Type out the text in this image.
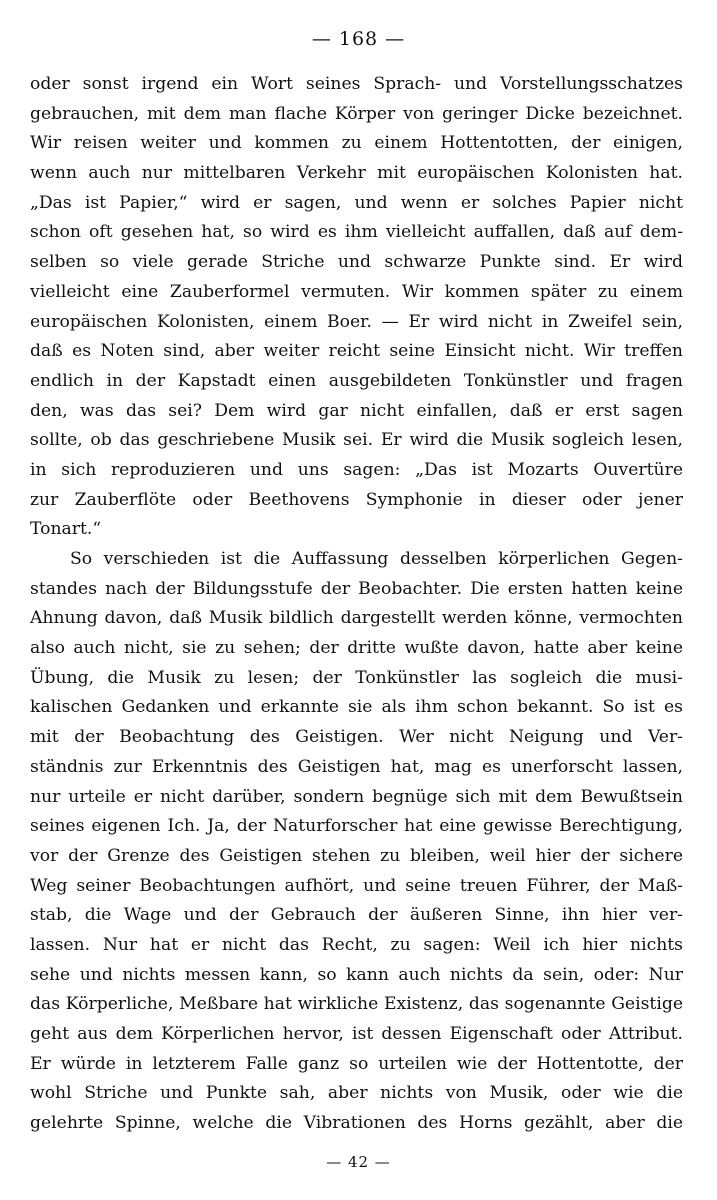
— 168 —
oder sonst irgend ein Wort seines Sprach- und Vorstellungsschatzes
gebrauchen, mit dem man flache Körper von geringer Dicke bezeichnet.
Wir reisen weiter und kommen zu einem Hottentotten, der einigen,
wenn auch nur mittelbaren Verkehr mit europäischen Kolonisten hat.
„Das ist Papier,“ wird er sagen, und wenn er solches Papier nicht
schon oft gesehen hat, so wird es ihm vielleicht auffallen, daß auf dem-
selben so viele gerade Striche und schwarze Punkte sind. Er wird
vielleicht eine Zauberformel vermuten. Wir kommen später zu einem
europäischen Kolonisten, einem Boer. — Er wird nicht in Zweifel sein,
daß es Noten sind, aber weiter reicht seine Einsicht nicht. Wir treffen
endlich in der Kapstadt einen ausgebildeten Tonkünstler und fragen
den, was das sei? Dem wird gar nicht einfallen, daß er erst sagen
sollte, ob das geschriebene Musik sei. Er wird die Musik sogleich lesen,
in sich reproduzieren und uns sagen: „Das ist Mozarts Ouvertüre
zur Zauberflöte oder Beethovens Symphonie in dieser oder jener
Tonart.“
So verschieden ist die Auffassung desselben körperlichen Gegen-
standes nach der Bildungsstufe der Beobachter. Die ersten hatten keine
Ahnung davon, daß Musik bildlich dargestellt werden könne, vermochten
also auch nicht, sie zu sehen; der dritte wußte davon, hatte aber keine
Übung, die Musik zu lesen; der Tonkünstler las sogleich die musi-
kalischen Gedanken und erkannte sie als ihm schon bekannt. So ist es
mit der Beobachtung des Geistigen. Wer nicht Neigung und Ver-
ständnis zur Erkenntnis des Geistigen hat, mag es unerforscht lassen,
nur urteile er nicht darüber, sondern begnüge sich mit dem Bewußtsein
seines eigenen Ich. Ja, der Naturforscher hat eine gewisse Berechtigung,
vor der Grenze des Geistigen stehen zu bleiben, weil hier der sichere
Weg seiner Beobachtungen aufhört, und seine treuen Führer, der Maß-
stab, die Wage und der Gebrauch der äußeren Sinne, ihn hier ver-
lassen. Nur hat er nicht das Recht, zu sagen: Weil ich hier nichts
sehe und nichts messen kann, so kann auch nichts da sein, oder: Nur
das Körperliche, Meßbare hat wirkliche Existenz, das sogenannte Geistige
geht aus dem Körperlichen hervor, ist dessen Eigenschaft oder Attribut.
Er würde in letzterem Falle ganz so urteilen wie der Hottentotte, der
wohl Striche und Punkte sah, aber nichts von Musik, oder wie die
gelehrte Spinne, welche die Vibrationen des Horns gezählt, aber die
— 42 —
